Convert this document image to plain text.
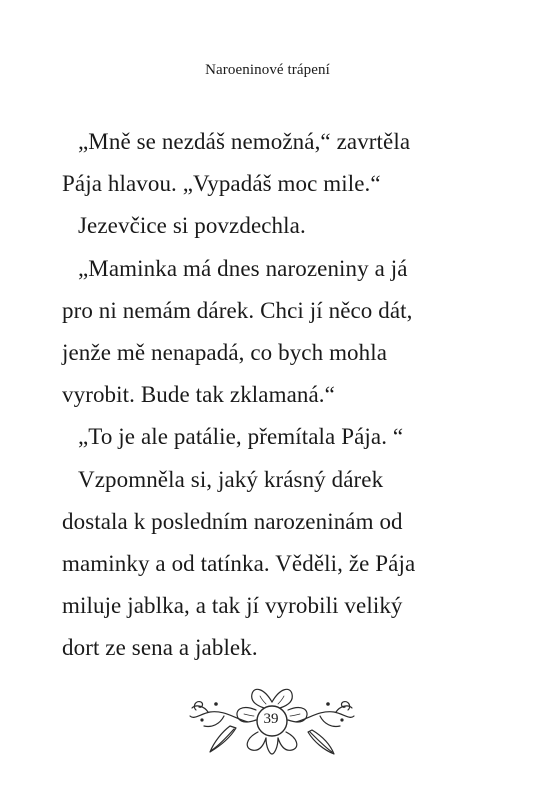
Naroeninové trápení
„Mně se nezdáš nemožná,“ zavrtěla
Pája hlavou. „Vypadáš moc mile.“
Jezevčice si povzdechla.
„Maminka má dnes narozeniny a já
pro ni nemám dárek. Chci jí něco dát,
jenže mě nenapadá, co bych mohla
vyrobit. Bude tak zklamaná.“
„To je ale patálie, přemítala Pája. “
Vzpomněla si, jaký krásný dárek
dostala k posledním narozeninám od
maminky a od tatínka. Věděli, že Pája
miluje jablka, a tak jí vyrobili veliký
dort ze sena a jablek.
39
